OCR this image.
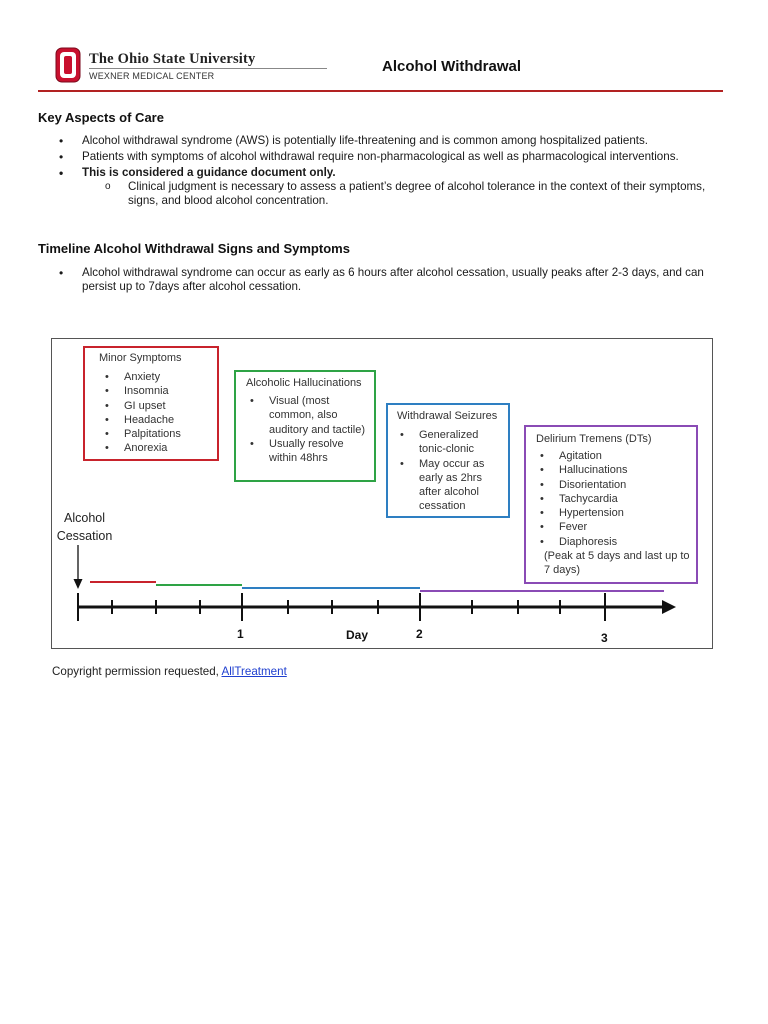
The Ohio State University
WEXNER MEDICAL CENTER
Alcohol Withdrawal
Key Aspects of Care
• Alcohol withdrawal syndrome (AWS) is potentially life-threatening and is common among hospitalized patients.
• Patients with symptoms of alcohol withdrawal require non-pharmacological as well as pharmacological interventions.
• This is considered a guidance document only.
o Clinical judgment is necessary to assess a patient’s degree of alcohol tolerance in the context of their symptoms, signs, and blood alcohol concentration.
Timeline Alcohol Withdrawal Signs and Symptoms
• Alcohol withdrawal syndrome can occur as early as 6 hours after alcohol cessation, usually peaks after 2-3 days, and can persist up to 7days after alcohol cessation.
Minor Symptoms
• Anxiety
• Insomnia
• GI upset
• Headache
• Palpitations
• Anorexia
Alcoholic Hallucinations
• Visual (most common, also auditory and tactile)
• Usually resolve within 48hrs
Withdrawal Seizures
• Generalized tonic-clonic
• May occur as early as 2hrs after alcohol cessation
Delirium Tremens (DTs)
• Agitation
• Hallucinations
• Disorientation
• Tachycardia
• Hypertension
• Fever
• Diaphoresis
(Peak at 5 days and last up to 7 days)
Alcohol Cessation
1	Day	2	3
Copyright permission requested, AllTreatment
